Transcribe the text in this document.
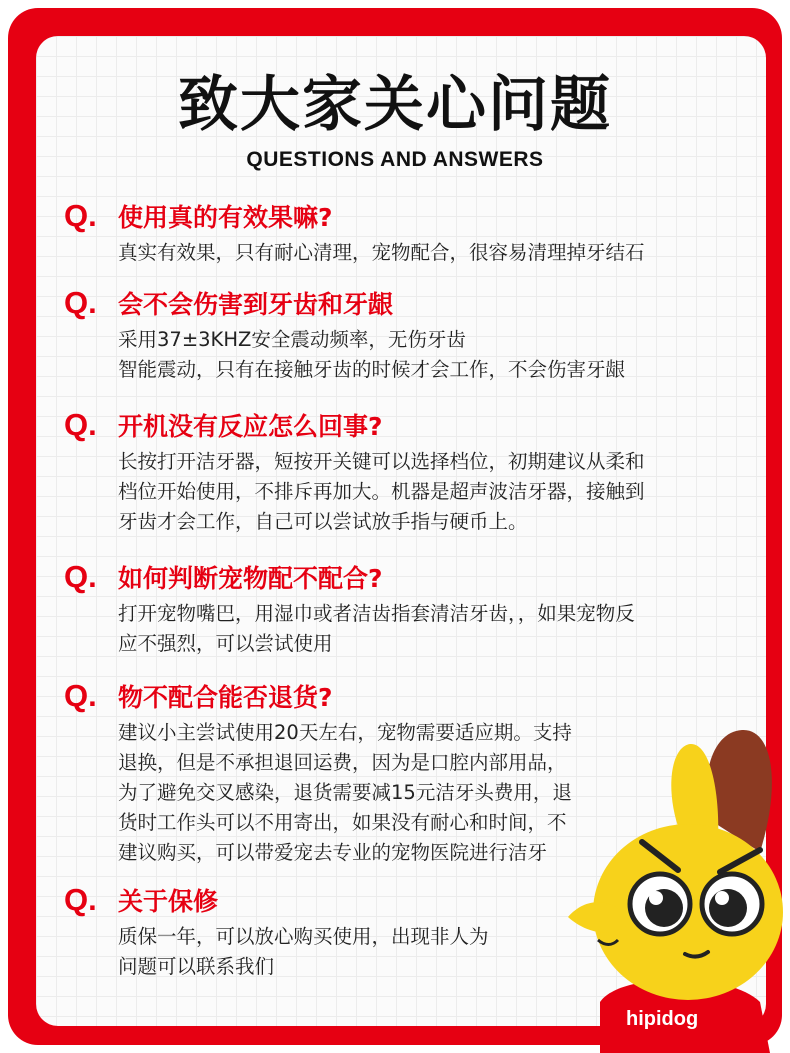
致大家关心问题
QUESTIONS AND ANSWERS
Q. 使用真的有效果嘛?
真实有效果，只有耐心清理，宠物配合，很容易清理掉牙结石
Q. 会不会伤害到牙齿和牙龈
采用37±3KHZ安全震动频率，无伤牙齿
智能震动，只有在接触牙齿的时候才会工作，不会伤害牙龈
Q. 开机没有反应怎么回事?
长按打开洁牙器，短按开关键可以选择档位，初期建议从柔和
档位开始使用，不排斥再加大。机器是超声波洁牙器，接触到
牙齿才会工作，自己可以尝试放手指与硬币上。
Q. 如何判断宠物配不配合?
打开宠物嘴巴，用湿巾或者洁齿指套清洁牙齿，，如果宠物反
应不强烈，可以尝试使用
Q. 物不配合能否退货?
建议小主尝试使用20天左右，宠物需要适应期。支持
退换，但是不承担退回运费，因为是口腔内部用品，
为了避免交叉感染，退货需要减15元洁牙头费用，退
货时工作头可以不用寄出，如果没有耐心和时间，不
建议购买，可以带爱宠去专业的宠物医院进行洁牙
Q. 关于保修
质保一年，可以放心购买使用，出现非人为
问题可以联系我们
hipidog
